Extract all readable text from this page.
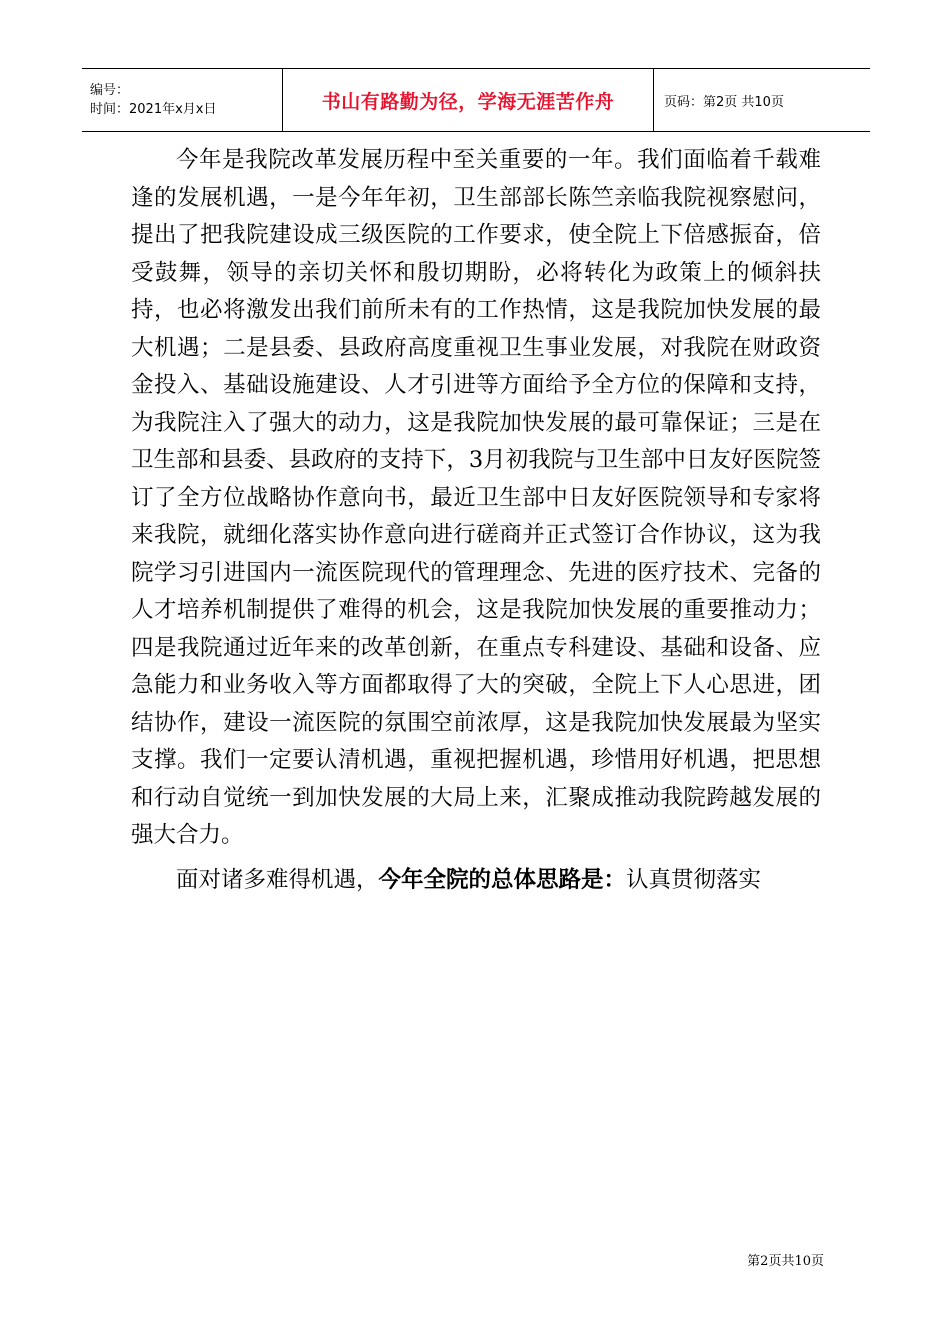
编号：
时间：2021年x月x日	书山有路勤为径，学海无涯苦作舟	页码：第2页 共10页

今年是我院改革发展历程中至关重要的一年。我们面临着千载难逢的发展机遇，一是今年年初，卫生部部长陈竺亲临我院视察慰问，提出了把我院建设成三级医院的工作要求，使全院上下倍感振奋，倍受鼓舞，领导的亲切关怀和殷切期盼，必将转化为政策上的倾斜扶持，也必将激发出我们前所未有的工作热情，这是我院加快发展的最大机遇；二是县委、县政府高度重视卫生事业发展，对我院在财政资金投入、基础设施建设、人才引进等方面给予全方位的保障和支持，为我院注入了强大的动力，这是我院加快发展的最可靠保证；三是在卫生部和县委、县政府的支持下，3月初我院与卫生部中日友好医院签订了全方位战略协作意向书，最近卫生部中日友好医院领导和专家将来我院，就细化落实协作意向进行磋商并正式签订合作协议，这为我院学习引进国内一流医院现代的管理理念、先进的医疗技术、完备的人才培养机制提供了难得的机会，这是我院加快发展的重要推动力；四是我院通过近年来的改革创新，在重点专科建设、基础和设备、应急能力和业务收入等方面都取得了大的突破，全院上下人心思进，团结协作，建设一流医院的氛围空前浓厚，这是我院加快发展最为坚实支撑。我们一定要认清机遇，重视把握机遇，珍惜用好机遇，把思想和行动自觉统一到加快发展的大局上来，汇聚成推动我院跨越发展的强大合力。

面对诸多难得机遇，今年全院的总体思路是：认真贯彻落实

第2页共10页
